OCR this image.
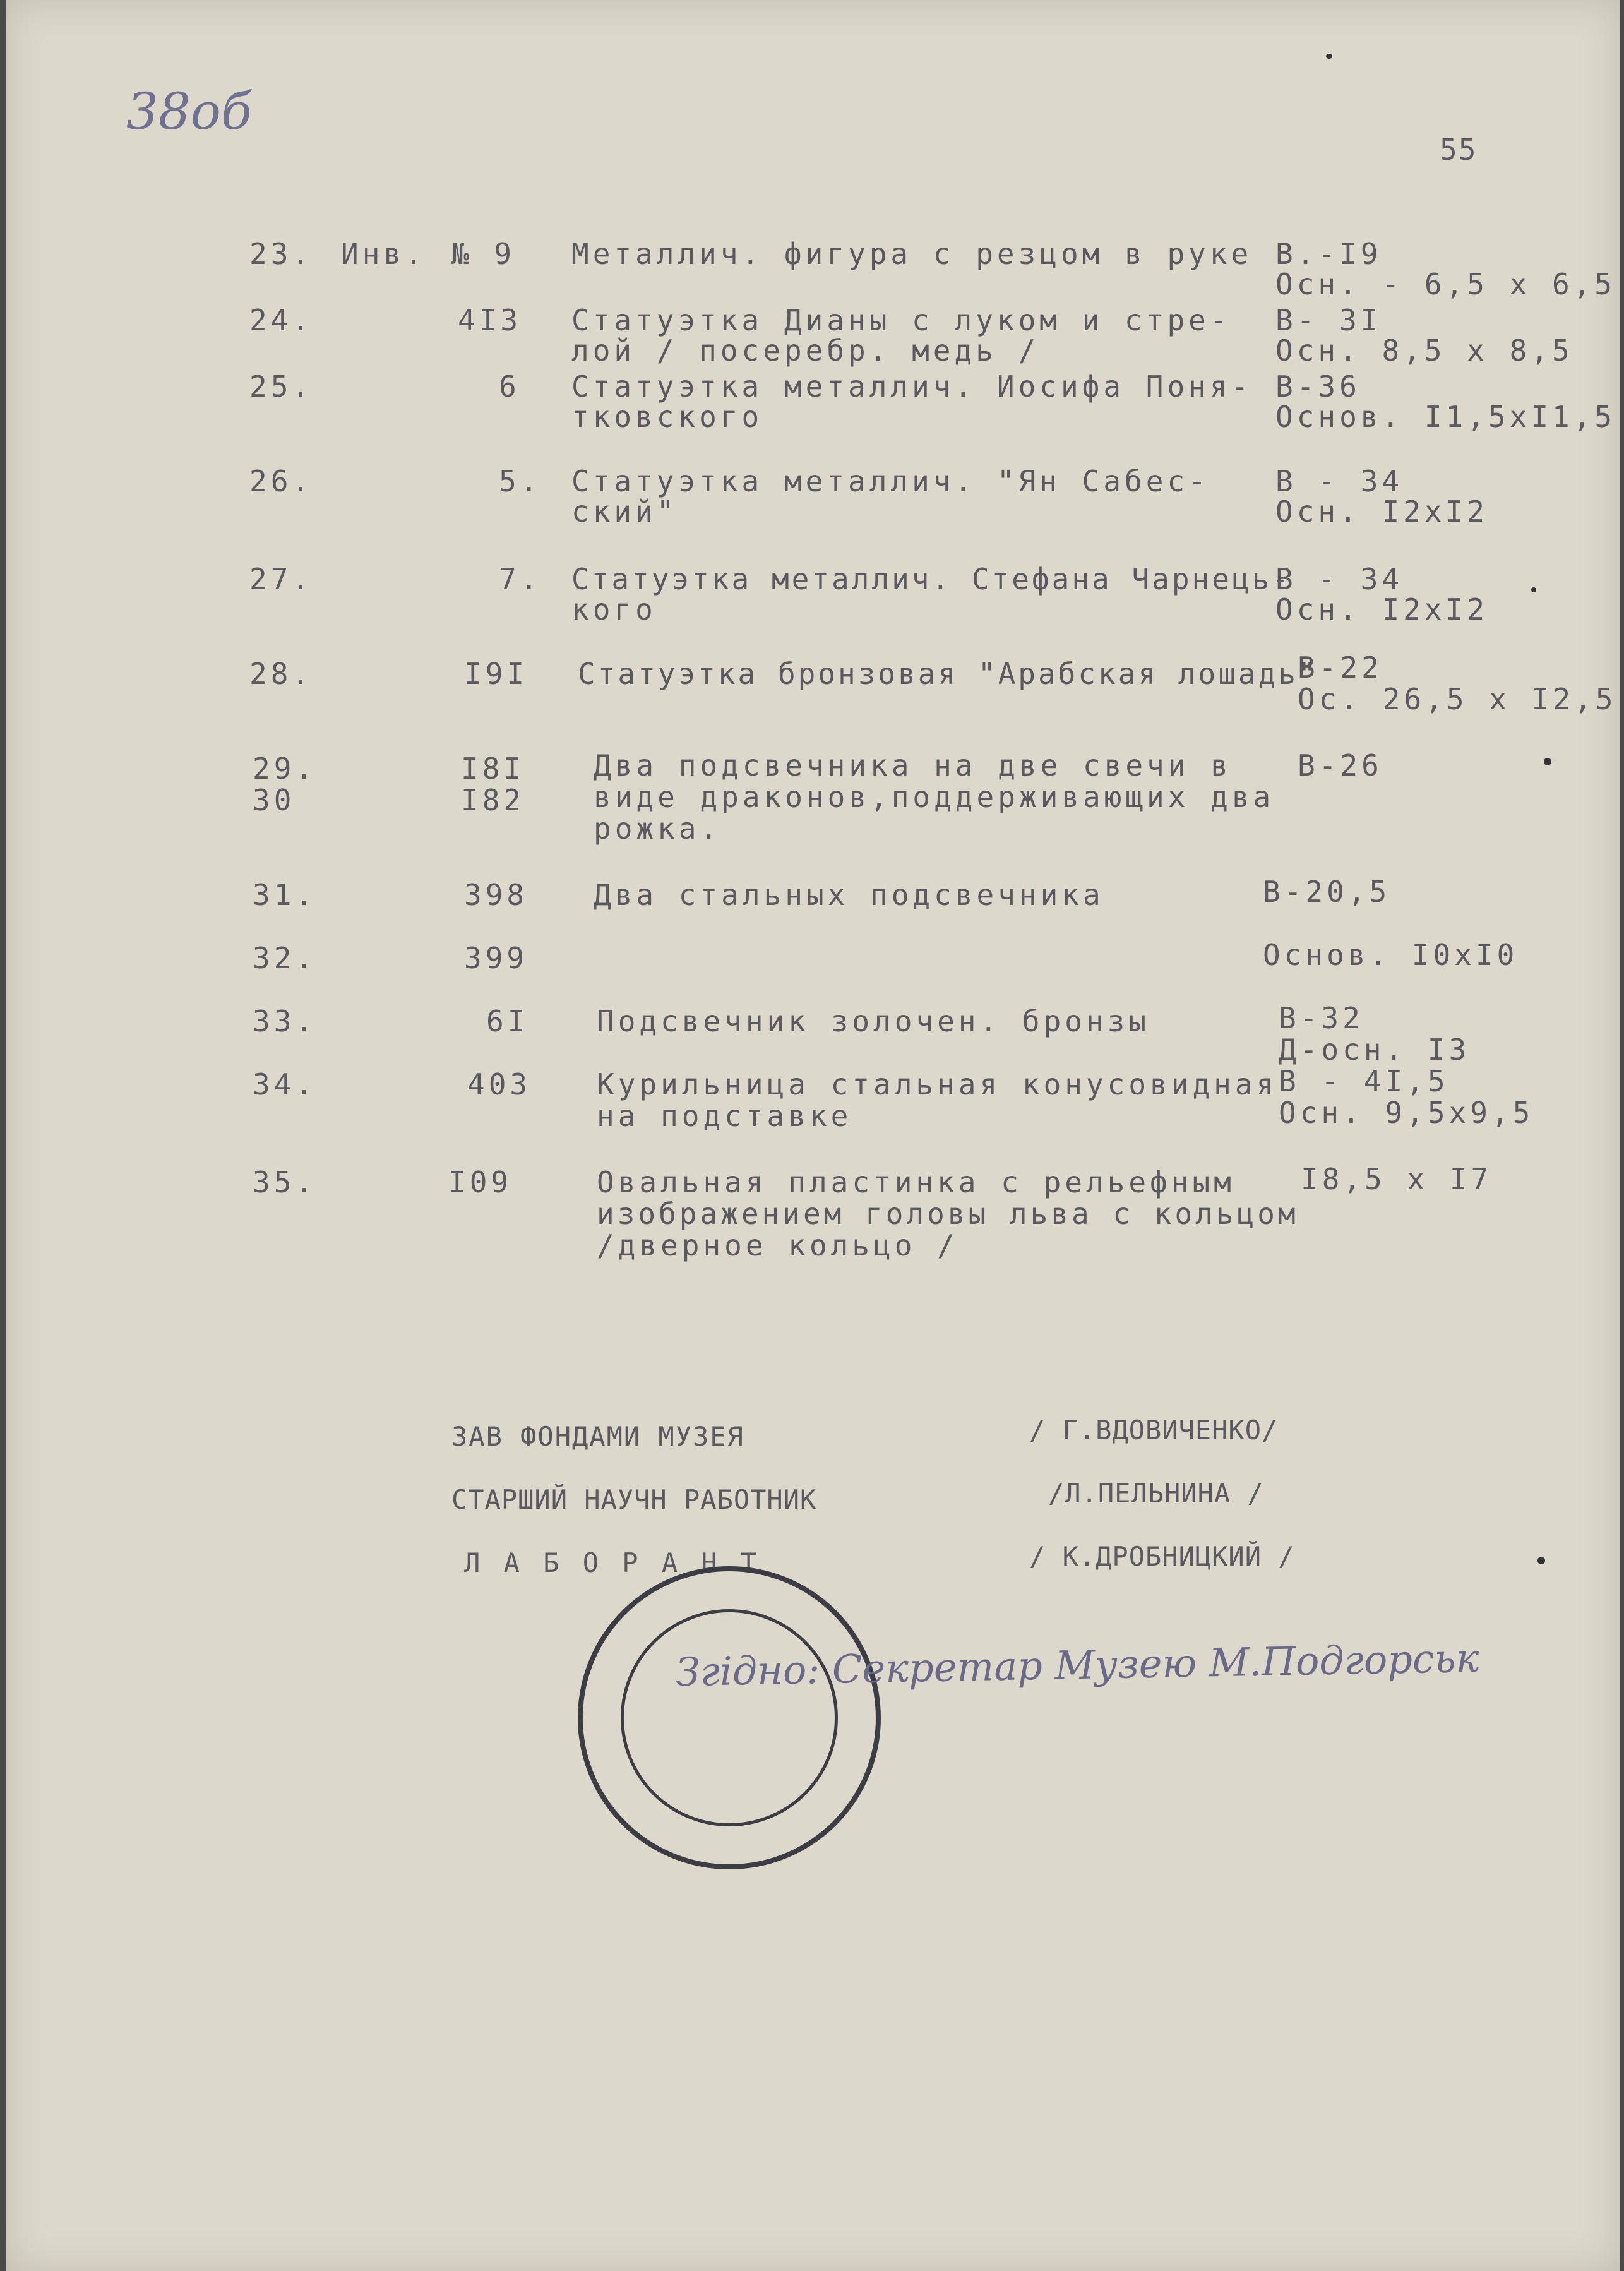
38об
55
23. Инв. № 9 Металлич. фигура с резцом в руке В.-I9
Осн. - 6,5 х 6,5
24.	4I3 Статуэтка Дианы с луком и стре-
лой / посеребр. медь /
В- 3I
Осн. 8,5 х 8,5
25.	6 Статуэтка металлич. Иосифа Поня-
тковского
В-36
Основ. I1,5хI1,5
26.	5. Статуэтка металлич. "Ян Сабес-
ский"
В - 34
Осн. I2хI2
27.	7. Статуэтка металлич. Стефана Чарнець-
кого
В - 34
Осн. I2хI2
28.	I9I Статуэтка бронзовая "Арабская лошадь"
В-22
Ос. 26,5 х I2,5
29.	I8I Два подсвечника на две свечи в
виде драконов,поддерживающих два
рожка.
В-26
30	I82
31.	398 Два стальных подсвечника	В-20,5
32.	399	Основ. I0хI0
33.	6I Подсвечник золочен. бронзы	В-32
Д-осн. I3
34.	403 Курильница стальная конусовидная
на подставке
В - 4I,5
Осн. 9,5х9,5
35.	I09	Овальная пластинка с рельефным
изображением головы льва с кольцом
/дверное кольцо /
I8,5 х I7
ЗАВ ФОНДАМИ МУЗЕЯ	/ Г.ВДОВИЧЕНКО/
СТАРШИЙ НАУЧН РАБОТНИК	/Л.ПЕЛЬНИНА /
Л А Б О Р А Н Т	/ К.ДРОБНИЦКИЙ /
Згідно: Секретар Музею М.Подгорськ
